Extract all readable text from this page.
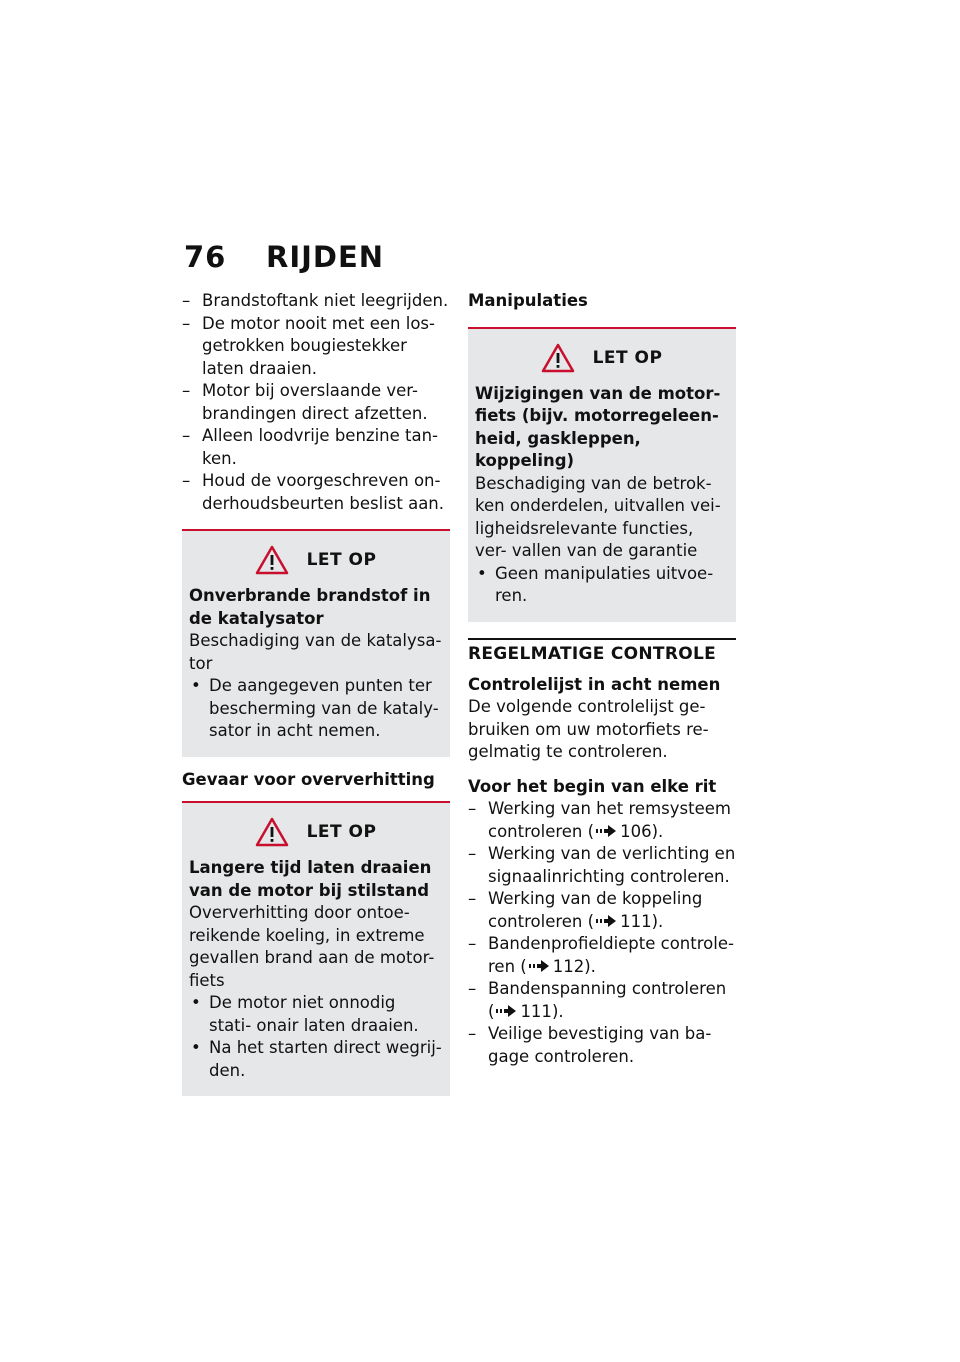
76 RIJDEN
– Brandstoftank niet leegrijden.
– De motor nooit met een los- getrokken bougiestekker laten draaien.
– Motor bij overslaande ver- brandingen direct afzetten.
– Alleen loodvrije benzine tan- ken.
– Houd de voorgeschreven on- derhoudsbeurten beslist aan.
LET OP

Onverbrande brandstof in de katalysator

Beschadiging van de katalysa- tor

• De aangegeven punten ter bescherming van de kataly- sator in acht nemen.

Gevaar voor oververhitting

LET OP

Langere tijd laten draaien van de motor bij stilstand

Oververhitting door ontoe- reikende koeling, in extreme gevallen brand aan de motor- fiets

• De motor niet onnodig stati- onair laten draaien.
• Na het starten direct wegrij- den.

Manipulaties

LET OP

Wijzigingen van de motor- fiets (bijv. motorregeleen- heid, gaskleppen, koppeling)

Beschadiging van de betrok- ken onderdelen, uitvallen vei- ligheidsrelevante functies, ver- vallen van de garantie

• Geen manipulaties uitvoe- ren.

REGELMATIGE CONTROLE

Controlelijst in acht nemen

De volgende controlelijst ge- bruiken om uw motorfiets re- gelmatig te controleren.

Voor het begin van elke rit

– Werking van het remsysteem controleren ( 106).
– Werking van de verlichting en signaalinrichting controleren.
– Werking van de koppeling controleren ( 111).
– Bandenprofieldiepte controle- ren ( 112).
– Bandenspanning controleren ( 111).
– Veilige bevestiging van ba- gage controleren.
